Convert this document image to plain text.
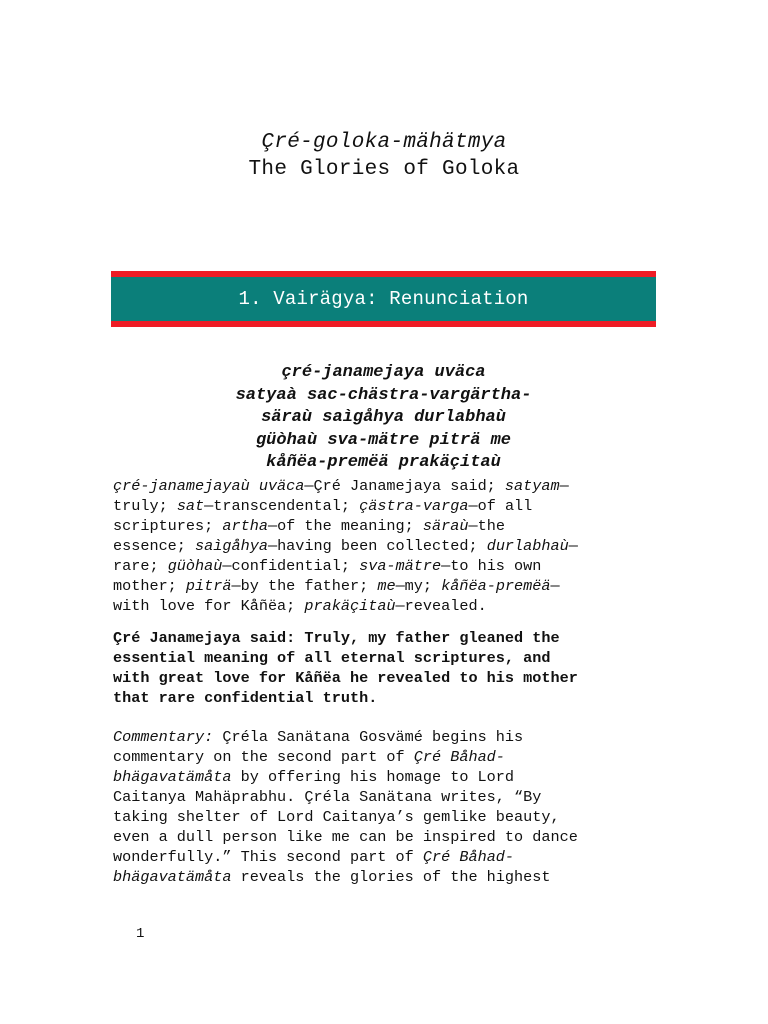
Çré-goloka-mähätmya
The Glories of Goloka
1. Vairägya: Renunciation
çré-janamejaya uväca
satyaà sac-chästra-vargärtha-
säraù saìgåhya durlabhaù
güòhaù sva-mätre piträ me
kåñëa-premëä prakäçitaù
çré-janamejayaù uväca—Çré Janamejaya said; satyam—
truly; sat—transcendental; çästra-varga—of all
scriptures; artha—of the meaning; säraù—the
essence; saìgåhya—having been collected; durlabhaù—
rare; güòhaù—confidential; sva-mätre—to his own
mother; piträ—by the father; me—my; kåñëa-premëä—
with love for Kåñëa; prakäçitaù—revealed.
Çré Janamejaya said: Truly, my father gleaned the
essential meaning of all eternal scriptures, and
with great love for Kåñëa he revealed to his mother
that rare confidential truth.
Commentary: Çréla Sanätana Gosvämé begins his
commentary on the second part of Çré Båhad-
bhägavatämåta by offering his homage to Lord
Caitanya Mahäprabhu. Çréla Sanätana writes, “By
taking shelter of Lord Caitanya’s gemlike beauty,
even a dull person like me can be inspired to dance
wonderfully.” This second part of Çré Båhad-
bhägavatämåta reveals the glories of the highest
1
